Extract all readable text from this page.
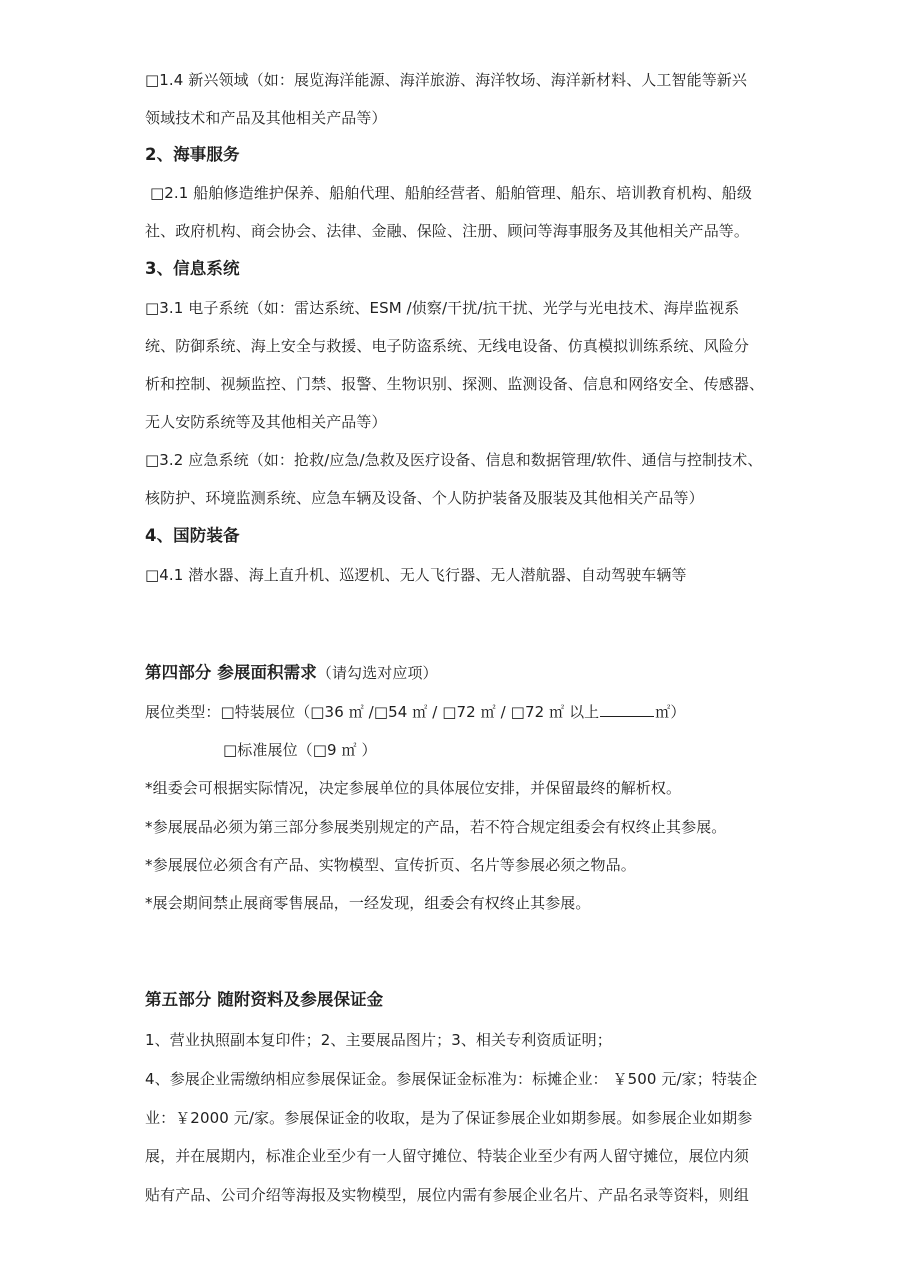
□1.4 新兴领域（如：展览海洋能源、海洋旅游、海洋牧场、海洋新材料、人工智能等新兴
领域技术和产品及其他相关产品等）
2、海事服务
□2.1 船舶修造维护保养、船舶代理、船舶经营者、船舶管理、船东、培训教育机构、船级
社、政府机构、商会协会、法律、金融、保险、注册、顾问等海事服务及其他相关产品等。
3、信息系统
□3.1 电子系统（如：雷达系统、ESM /侦察/干扰/抗干扰、光学与光电技术、海岸监视系
统、防御系统、海上安全与救援、电子防盗系统、无线电设备、仿真模拟训练系统、风险分
析和控制、视频监控、门禁、报警、生物识别、探测、监测设备、信息和网络安全、传感器、
无人安防系统等及其他相关产品等）
□3.2 应急系统（如：抢救/应急/急救及医疗设备、信息和数据管理/软件、通信与控制技术、
核防护、环境监测系统、应急车辆及设备、个人防护装备及服装及其他相关产品等）
4、国防装备
□4.1 潜水器、海上直升机、巡逻机、无人飞行器、无人潜航器、自动驾驶车辆等
第四部分 参展面积需求（请勾选对应项）
展位类型：□特装展位（□36 ㎡ /□54 ㎡ / □72 ㎡ / □72 ㎡ 以上	㎡）
□标准展位（□9 ㎡ ）
*组委会可根据实际情况，决定参展单位的具体展位安排，并保留最终的解析权。
*参展展品必须为第三部分参展类别规定的产品，若不符合规定组委会有权终止其参展。
*参展展位必须含有产品、实物模型、宣传折页、名片等参展必须之物品。
*展会期间禁止展商零售展品，一经发现，组委会有权终止其参展。
第五部分 随附资料及参展保证金
1、营业执照副本复印件；2、主要展品图片；3、相关专利资质证明；
4、参展企业需缴纳相应参展保证金。参展保证金标准为：标摊企业： ￥500 元/家；特装企
业：￥2000 元/家。参展保证金的收取，是为了保证参展企业如期参展。如参展企业如期参
展，并在展期内，标准企业至少有一人留守摊位、特装企业至少有两人留守摊位，展位内须
贴有产品、公司介绍等海报及实物模型，展位内需有参展企业名片、产品名录等资料，则组
